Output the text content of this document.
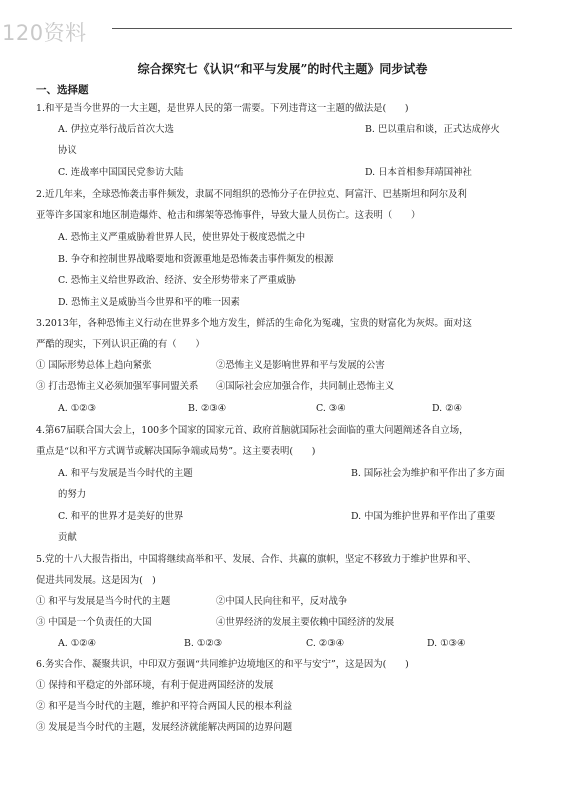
120资料
综合探究七《认识“和平与发展”的时代主题》同步试卷
一、选择题
1.和平是当今世界的一大主题，是世界人民的第一需要。下列违背这一主题的做法是(　　)
A. 伊拉克举行战后首次大选	B. 巴以重启和谈，正式达成停火
协议
C. 连战率中国国民党参访大陆	D. 日本首相参拜靖国神社
2.近几年来，全球恐怖袭击事件频发，隶属不同组织的恐怖分子在伊拉克、阿富汗、巴基斯坦和阿尔及利
亚等许多国家和地区制造爆炸、枪击和绑架等恐怖事件，导致大量人员伤亡。这表明（　　）
A. 恐怖主义严重威胁着世界人民，使世界处于极度恐慌之中
B. 争夺和控制世界战略要地和资源重地是恐怖袭击事件频发的根源
C. 恐怖主义给世界政治、经济、安全形势带来了严重威胁
D. 恐怖主义是威胁当今世界和平的唯一因素
3.2013年，各种恐怖主义行动在世界多个地方发生，鲜活的生命化为冤魂，宝贵的财富化为灰烬。面对这
严酷的现实，下列认识正确的有（　　）
① 国际形势总体上趋向紧张	②恐怖主义是影响世界和平与发展的公害
③ 打击恐怖主义必须加强军事同盟关系 ④国际社会应加强合作，共同制止恐怖主义
A. ①②③	B. ②③④	C. ③④	D. ②④
4.第67届联合国大会上，100多个国家的国家元首、政府首脑就国际社会面临的重大问题阐述各自立场，
重点是“以和平方式调节或解决国际争端或局势”。这主要表明(　　)
A. 和平与发展是当今时代的主题	B. 国际社会为维护和平作出了多方面
的努力
C. 和平的世界才是美好的世界	D. 中国为维护世界和平作出了重要
贡献
5.党的十八大报告指出，中国将继续高举和平、发展、合作、共赢的旗帜，坚定不移致力于维护世界和平、
促进共同发展。这是因为(　)
① 和平与发展是当今时代的主题	②中国人民向往和平，反对战争
③ 中国是一个负责任的大国	④世界经济的发展主要依赖中国经济的发展
A. ①②④	B. ①②③	C. ②③④	D. ①③④
6.务实合作、凝聚共识，中印双方强调“共同维护边境地区的和平与安宁”，这是因为(　　)
① 保持和平稳定的外部环境，有利于促进两国经济的发展
② 和平是当今时代的主题，维护和平符合两国人民的根本利益
③ 发展是当今时代的主题，发展经济就能解决两国的边界问题
